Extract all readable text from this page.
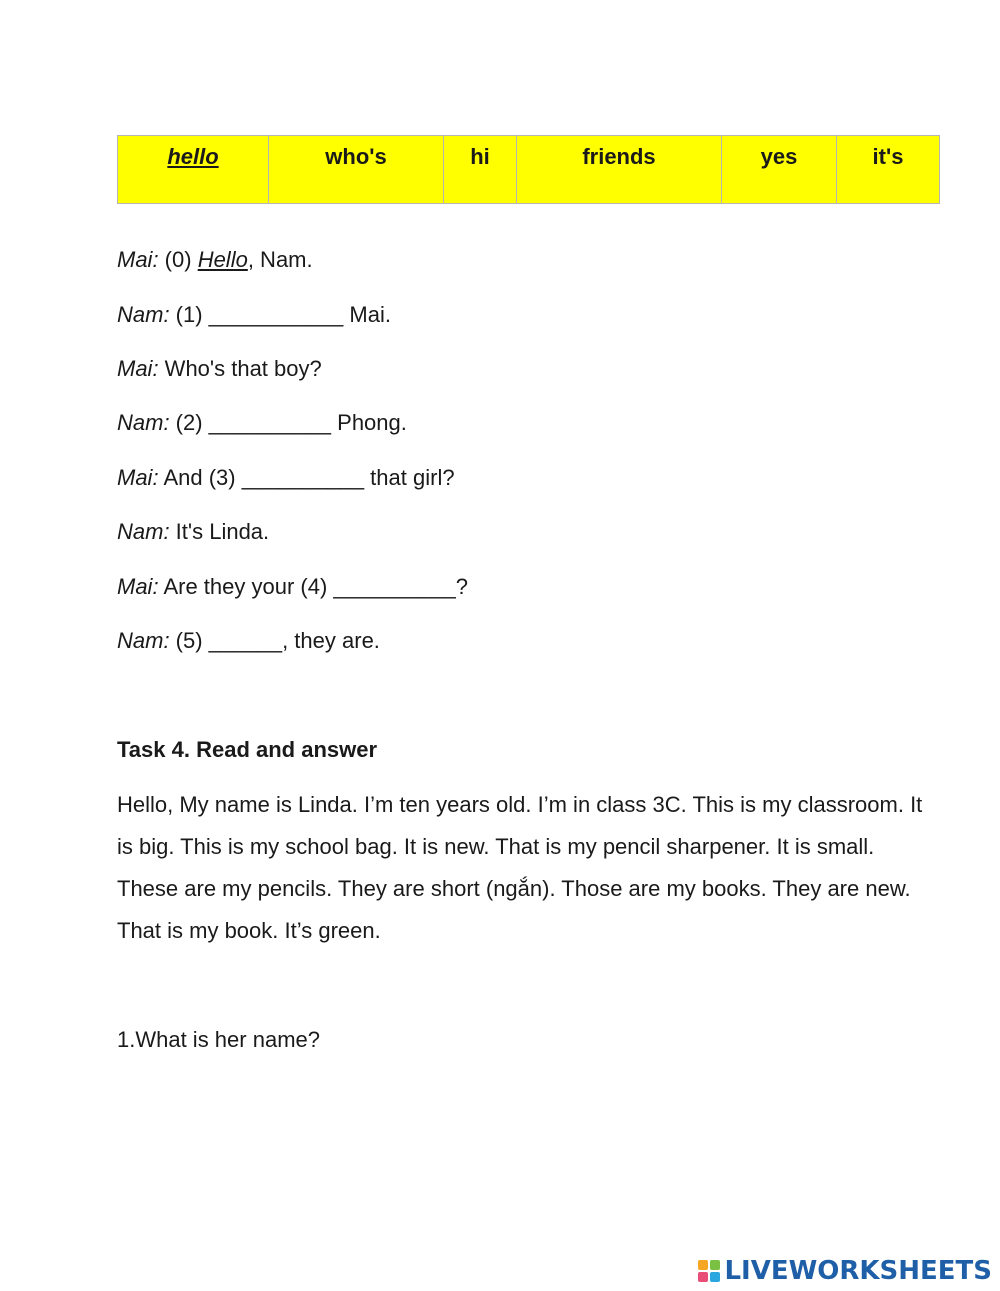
hello	who's	hi	friends	yes	it's
Mai: (0) Hello, Nam.
Nam: (1) ___________ Mai.
Mai: Who's that boy?
Nam: (2) __________ Phong.
Mai: And (3) __________ that girl?
Nam: It's Linda.
Mai: Are they your (4) __________?
Nam: (5) ______, they are.
Task 4. Read and answer

Hello, My name is Linda. I’m ten years old. I’m in class 3C. This is my classroom. It is big. This is my school bag. It is new. That is my pencil sharpener. It is small. These are my pencils. They are short (ngắn). Those are my books. They are new. That is my book. It’s green.

1.What is her name?
LIVEWORKSHEETS
